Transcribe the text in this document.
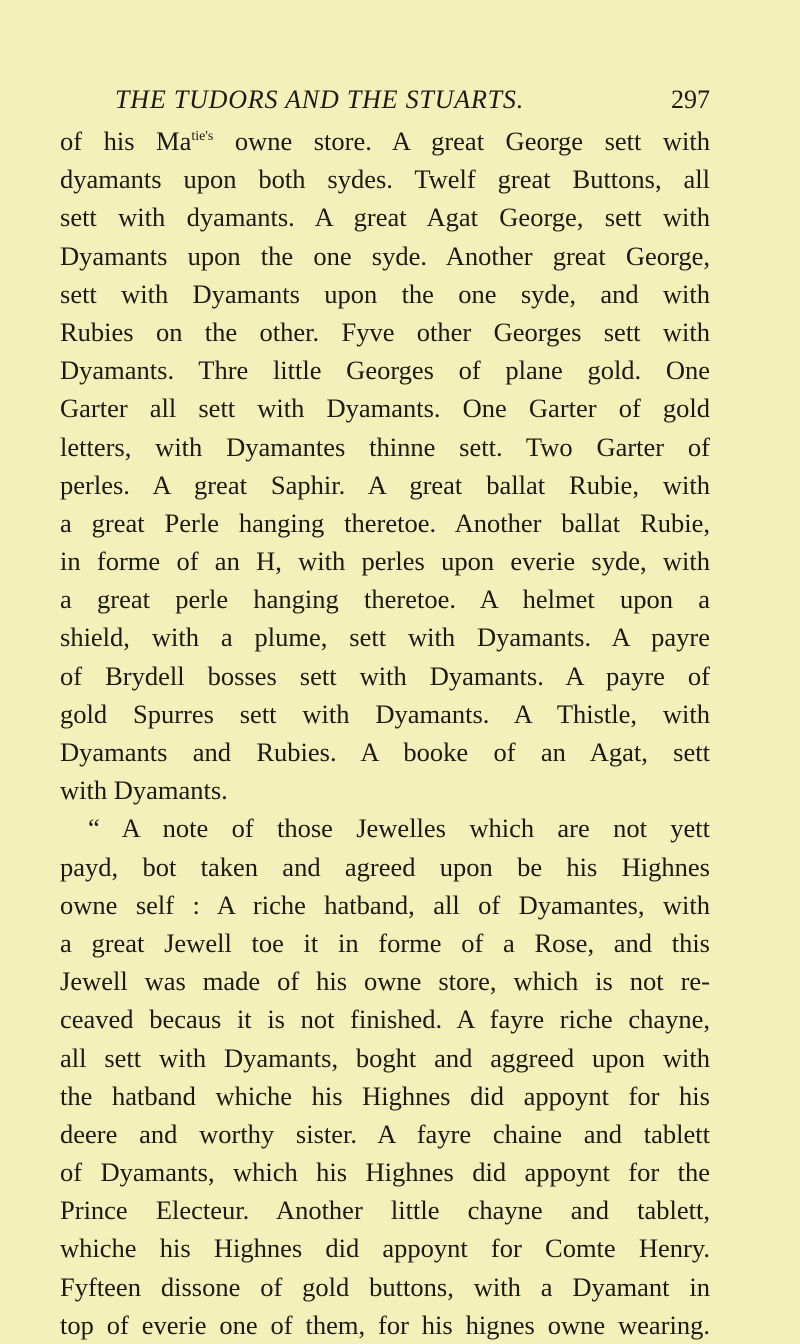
THE TUDORS AND THE STUARTS.	297
of his $Ma^{tie's}$ owne store. A great George sett with
dyamants upon both sydes. Twelf great Buttons, all
sett with dyamants. A great Agat George, sett with
Dyamants upon the one syde. Another great George,
sett with Dyamants upon the one syde, and with
Rubies on the other. Fyve other Georges sett with
Dyamants. Thre little Georges of plane gold. One
Garter all sett with Dyamants. One Garter of gold
letters, with Dyamantes thinne sett. Two Garter of
perles. A great Saphir. A great ballat Rubie, with
a great Perle hanging theretoe. Another ballat Rubie,
in forme of an H, with perles upon everie syde, with
a great perle hanging theretoe. A helmet upon a
shield, with a plume, sett with Dyamants. A payre
of Brydell bosses sett with Dyamants. A payre of
gold Spurres sett with Dyamants. A Thistle, with
Dyamants and Rubies. A booke of an Agat, sett
with Dyamants.
“ A note of those Jewelles which are not yett
payd, bot taken and agreed upon be his Highnes
owne self : A riche hatband, all of Dyamantes, with
a great Jewell toe it in forme of a Rose, and this
Jewell was made of his owne store, which is not re-
ceaved becaus it is not finished. A fayre riche chayne,
all sett with Dyamants, boght and aggreed upon with
the hatband whiche his Highnes did appoynt for his
deere and worthy sister. A fayre chaine and tablett
of Dyamants, which his Highnes did appoynt for the
Prince Electeur. Another little chayne and tablett,
whiche his Highnes did appoynt for Comte Henry.
Fyfteen dissone of gold buttons, with a Dyamant in
top of everie one of them, for his hignes owne wearing.
